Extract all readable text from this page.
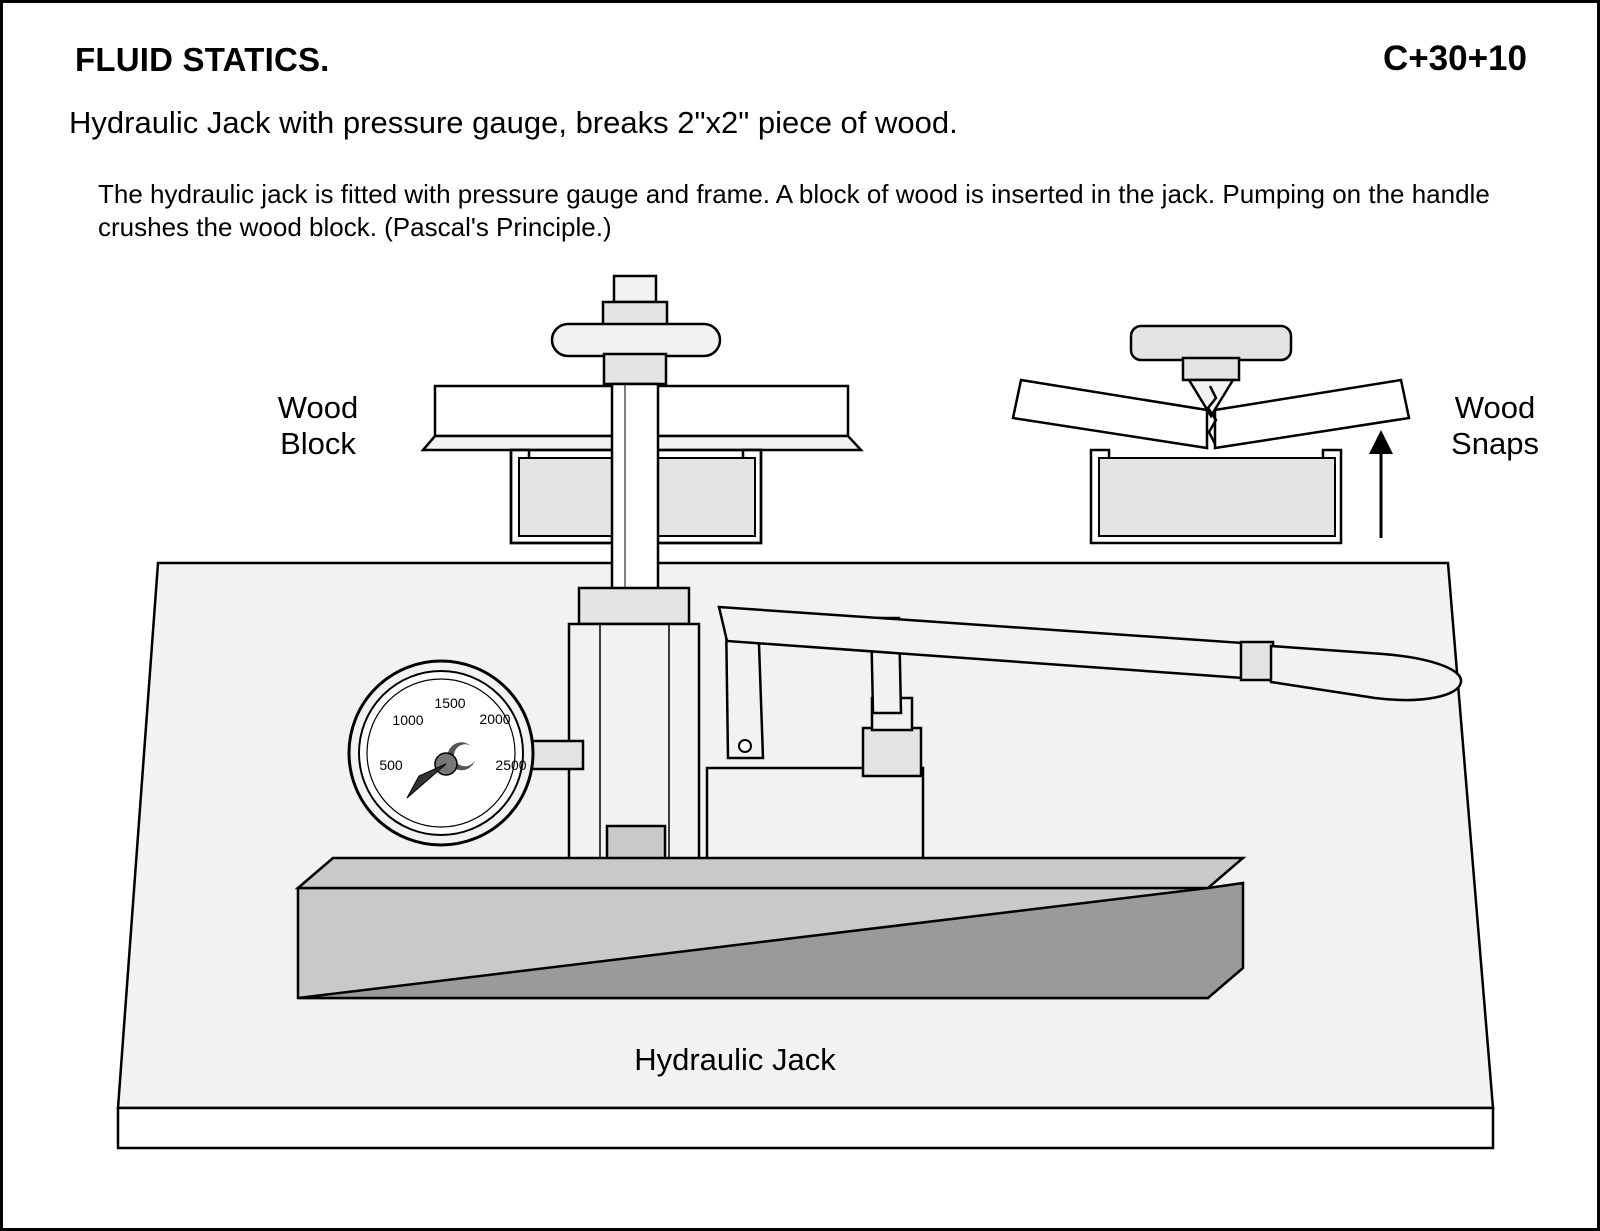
FLUID STATICS.	C+30+10
Hydraulic Jack with pressure gauge, breaks 2"x2" piece of wood.
The hydraulic jack is fitted with pressure gauge and frame. A block of wood is inserted in the jack. Pumping on the handle crushes the wood block. (Pascal's Principle.)
500
1000
1500
2000
2500
Wood
Block
Hydraulic Jack
Wood
Snaps
